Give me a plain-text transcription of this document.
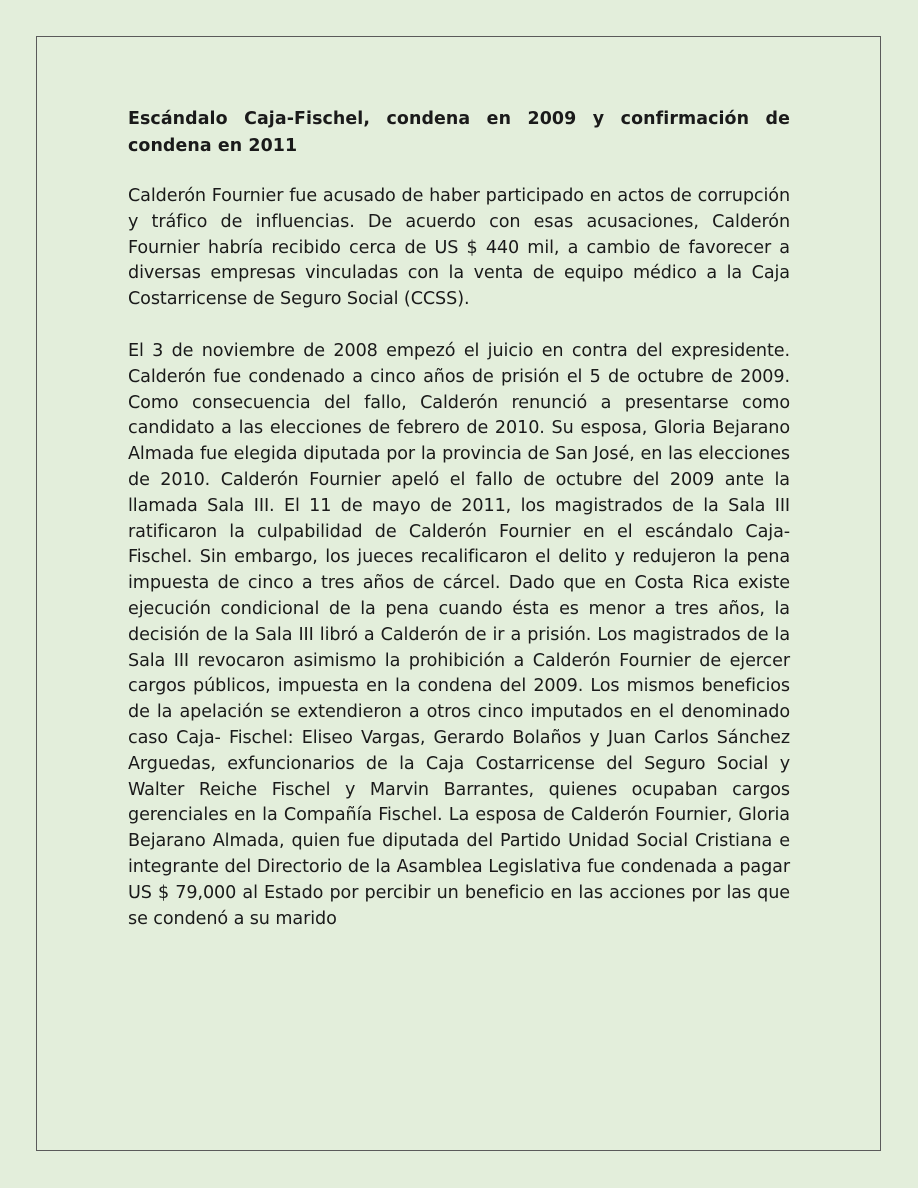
Escándalo Caja-Fischel, condena en 2009 y confirmación de condena en 2011

Calderón Fournier fue acusado de haber participado en actos de corrupción y tráfico de influencias. De acuerdo con esas acusaciones, Calderón Fournier habría recibido cerca de US $ 440 mil, a cambio de favorecer a diversas empresas vinculadas con la venta de equipo médico a la Caja Costarricense de Seguro Social (CCSS).

El 3 de noviembre de 2008 empezó el juicio en contra del expresidente. Calderón fue condenado a cinco años de prisión el 5 de octubre de 2009. Como consecuencia del fallo, Calderón renunció a presentarse como candidato a las elecciones de febrero de 2010. Su esposa, Gloria Bejarano Almada fue elegida diputada por la provincia de San José, en las elecciones de 2010. Calderón Fournier apeló el fallo de octubre del 2009 ante la llamada Sala III. El 11 de mayo de 2011, los magistrados de la Sala III ratificaron la culpabilidad de Calderón Fournier en el escándalo Caja-Fischel. Sin embargo, los jueces recalificaron el delito y redujeron la pena impuesta de cinco a tres años de cárcel. Dado que en Costa Rica existe ejecución condicional de la pena cuando ésta es menor a tres años, la decisión de la Sala III libró a Calderón de ir a prisión. Los magistrados de la Sala III revocaron asimismo la prohibición a Calderón Fournier de ejercer cargos públicos, impuesta en la condena del 2009. Los mismos beneficios de la apelación se extendieron a otros cinco imputados en el denominado caso Caja- Fischel: Eliseo Vargas, Gerardo Bolaños y Juan Carlos Sánchez Arguedas, exfuncionarios de la Caja Costarricense del Seguro Social y Walter Reiche Fischel y Marvin Barrantes, quienes ocupaban cargos gerenciales en la Compañía Fischel. La esposa de Calderón Fournier, Gloria Bejarano Almada, quien fue diputada del Partido Unidad Social Cristiana e integrante del Directorio de la Asamblea Legislativa fue condenada a pagar US $ 79,000 al Estado por percibir un beneficio en las acciones por las que se condenó a su marido
